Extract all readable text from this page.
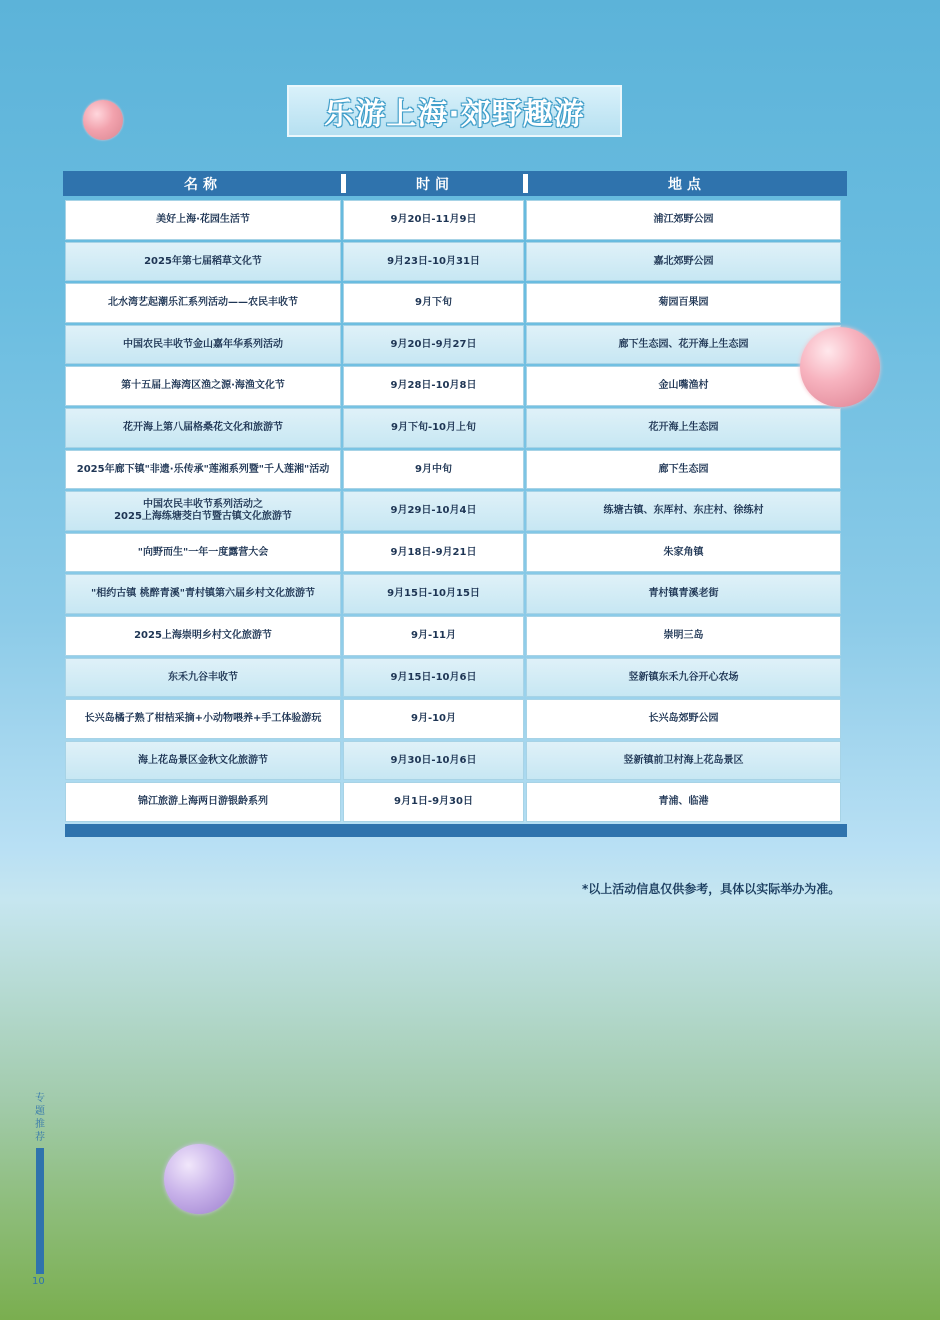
乐游上海·郊野趣游
名称	时间	地点
美好上海·花园生活节	9月20日-11月9日	浦江郊野公园
2025年第七届稻草文化节	9月23日-10月31日	嘉北郊野公园
北水湾艺起潮乐汇系列活动——农民丰收节	9月下旬	菊园百果园
中国农民丰收节金山嘉年华系列活动	9月20日-9月27日	廊下生态园、花开海上生态园
第十五届上海湾区渔之源·海渔文化节	9月28日-10月8日	金山嘴渔村
花开海上第八届格桑花文化和旅游节	9月下旬-10月上旬	花开海上生态园
2025年廊下镇"非遗·乐传承"莲湘系列暨"千人莲湘"活动	9月中旬	廊下生态园
中国农民丰收节系列活动之
2025上海练塘茭白节暨古镇文化旅游节
9月29日-10月4日	练塘古镇、东厍村、东庄村、徐练村
"向野而生"一年一度露营大会	9月18日-9月21日	朱家角镇
"相约古镇 桃醉青溪"青村镇第六届乡村文化旅游节	9月15日-10月15日	青村镇青溪老街
2025上海崇明乡村文化旅游节	9月-11月	崇明三岛
东禾九谷丰收节	9月15日-10月6日	竖新镇东禾九谷开心农场
长兴岛橘子熟了柑桔采摘+小动物喂养+手工体验游玩	9月-10月	长兴岛郊野公园
海上花岛景区金秋文化旅游节	9月30日-10月6日	竖新镇前卫村海上花岛景区
锦江旅游上海两日游银龄系列	9月1日-9月30日	青浦、临港
*以上活动信息仅供参考，具体以实际举办为准。
专题推荐
10
